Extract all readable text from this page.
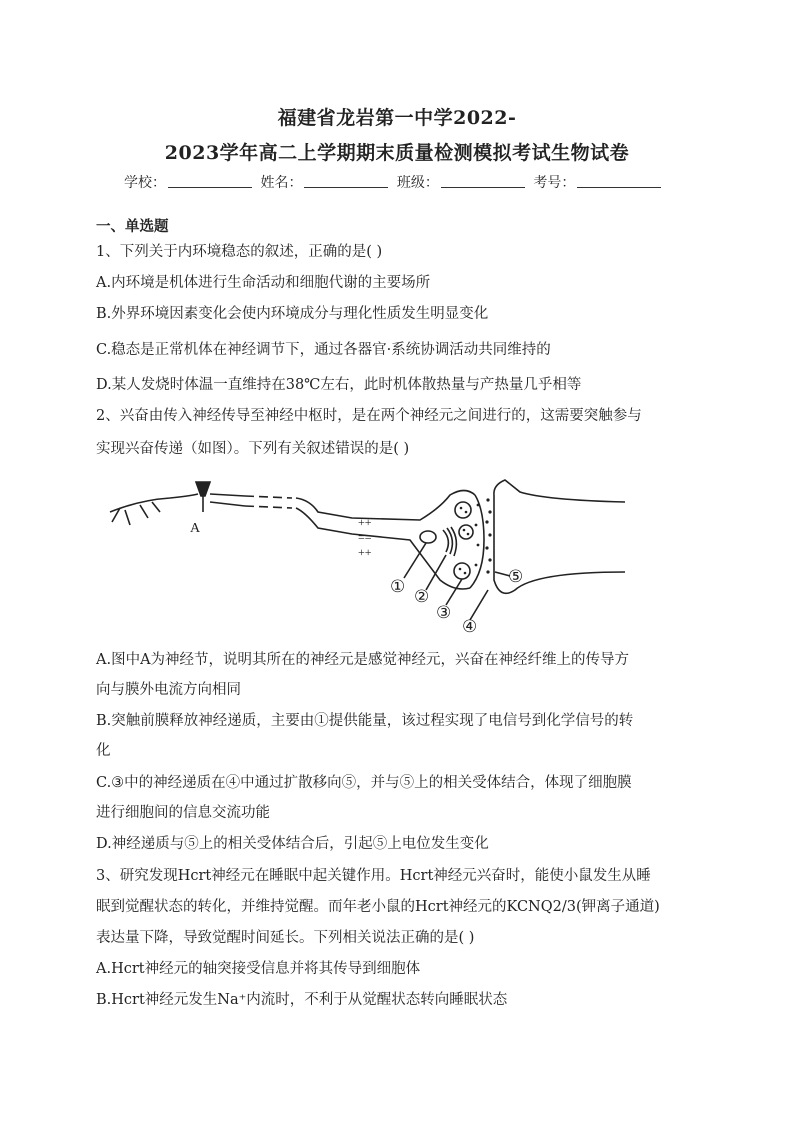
福建省龙岩第一中学2022-
2023学年高二上学期期末质量检测模拟考试生物试卷
学校：	姓名：	班级：	考号：
一、单选题
1、下列关于内环境稳态的叙述，正确的是( )
A.内环境是机体进行生命活动和细胞代谢的主要场所
B.外界环境因素变化会使内环境成分与理化性质发生明显变化
C.稳态是正常机体在神经调节下，通过各器官·系统协调活动共同维持的
D.某人发烧时体温一直维持在38℃左右，此时机体散热量与产热量几乎相等
2、兴奋由传入神经传导至神经中枢时，是在两个神经元之间进行的，这需要突触参与
实现兴奋传递（如图）。下列有关叙述错误的是( )
A	++
==
++
①
②
③
④
⑤
A.图中A为神经节，说明其所在的神经元是感觉神经元，兴奋在神经纤维上的传导方
向与膜外电流方向相同
B.突触前膜释放神经递质，主要由①提供能量，该过程实现了电信号到化学信号的转
化
C.③中的神经递质在④中通过扩散移向⑤，并与⑤上的相关受体结合，体现了细胞膜
进行细胞间的信息交流功能
D.神经递质与⑤上的相关受体结合后，引起⑤上电位发生变化
3、研究发现Hcrt神经元在睡眠中起关键作用。Hcrt神经元兴奋时，能使小鼠发生从睡
眠到觉醒状态的转化，并维持觉醒。而年老小鼠的Hcrt神经元的KCNQ2/3(钾离子通道)
表达量下降，导致觉醒时间延长。下列相关说法正确的是( )
A.Hcrt神经元的轴突接受信息并将其传导到细胞体
B.Hcrt神经元发生Na⁺内流时，不利于从觉醒状态转向睡眠状态
